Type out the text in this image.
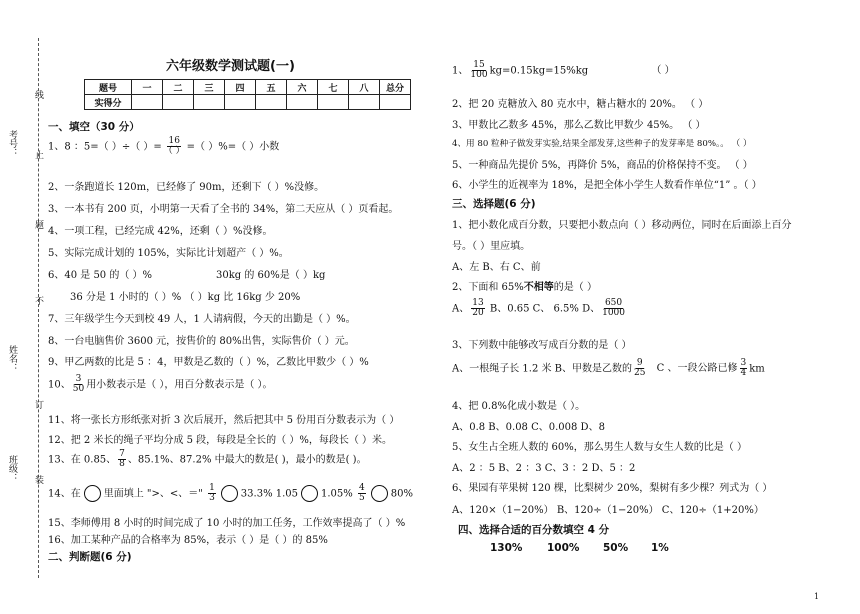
线
止
题
不
订
装
考号：
姓名：
班级：
六年级数学测试题(一)
题号	一	二	三	四	五	六	七	八	总分
实得分									
一、填空（30 分）
1、8 ：5=（ ）÷（ ）= $\frac{16}{( )}$ =（ ）%=（ ）小数
2、一条跑道长 120m，已经修了 90m，还剩下（ ）%没修。
3、一本书有 200 页，小明第一天看了全书的 34%，第二天应从（ ）页看起。
4、一项工程，已经完成 42%，还剩（ ）%没修。
5、实际完成计划的 105%，实际比计划超产（ ）%。
6、40 是 50 的（ ）%	30kg 的 60%是（ ）kg
36 分是 1 小时的（ ）% （ ）kg 比 16kg 少 20%
7、三年级学生今天到校 49 人，1 人请病假，今天的出勤是（ ）%。
8、一台电脑售价 3600 元，按售价的 80%出售，实际售价（ ）元。
9、甲乙两数的比是 5 ：4，甲数是乙数的（ ）%，乙数比甲数少（ ）%
10、 $\frac{3}{50}$ 用小数表示是（ ），用百分数表示是（ ）。
11、将一张长方形纸张对折 3 次后展开，然后把其中 5 份用百分数表示为（ ）
12、把 2 米长的绳子平均分成 5 段，每段是全长的（ ）%，每段长（ ）米。
13、在 0.85、 $\frac{7}{8}$ 、85.1%、87.2% 中最大的数是( )，最小的数是( )。
14、在 里面填上 ">、<、＝" $\frac{1}{3}$	33.3% 1.05 $1.05\% \frac{4}{5}$	80%
15、李师傅用 8 小时的时间完成了 10 小时的加工任务，工作效率提高了（ ）%
16、加工某种产品的合格率为 85%，表示（ ）是（ ）的 85%
二、判断题(6 分)
1、 $\frac{15}{100} kg=0.15kg=15\%kg$	（ ）
2、把 20 克糖放入 80 克水中，糖占糖水的 20%。 （ ）
3、甲数比乙数多 45%，那么乙数比甲数少 45%。 （ ）
4、用 80 粒种子做发芽实验,结果全部发芽,这些种子的发芽率是 80%。。 （ ）
5、一种商品先提价 5%，再降价 5%，商品的价格保持不变。 （ ）
6、小学生的近视率为 18%，是把全体小学生人数看作单位“1” 。（ ）
三、选择题(6 分)
1、把小数化成百分数，只要把小数点向（ ）移动两位，同时在后面添上百分
号。（ ）里应填。
A、左 B、右 C、前
2、下面和 65%不相等的是（ ）
A、 $\frac{13}{20}$ B、0.65 C、 6.5% D、 $\frac{650}{1000}$
3、下列数中能够改写成百分数的是（ ）
A、一根绳子长 1.2 米 B、甲数是乙数的 $\frac{9}{25}$ C 、一段公路已修 $\frac{3}{4}$ km
4、把 0.8%化成小数是（ ）。
A、0.8 B、0.08 C、0.008 D、8
5、女生占全班人数的 60%，那么男生人数与女生人数的比是（ ）
A、2 ：5 B、2 ：3 C、3 ：2 D、5 ：2
6、果园有苹果树 120 棵，比梨树少 20%，梨树有多少棵？列式为（ ）
A、120×（1−20%） B、120÷（1−20%） C、120÷（1+20%）
四、选择合适的百分数填空 4 分
130% 100% 50% 1%
1
